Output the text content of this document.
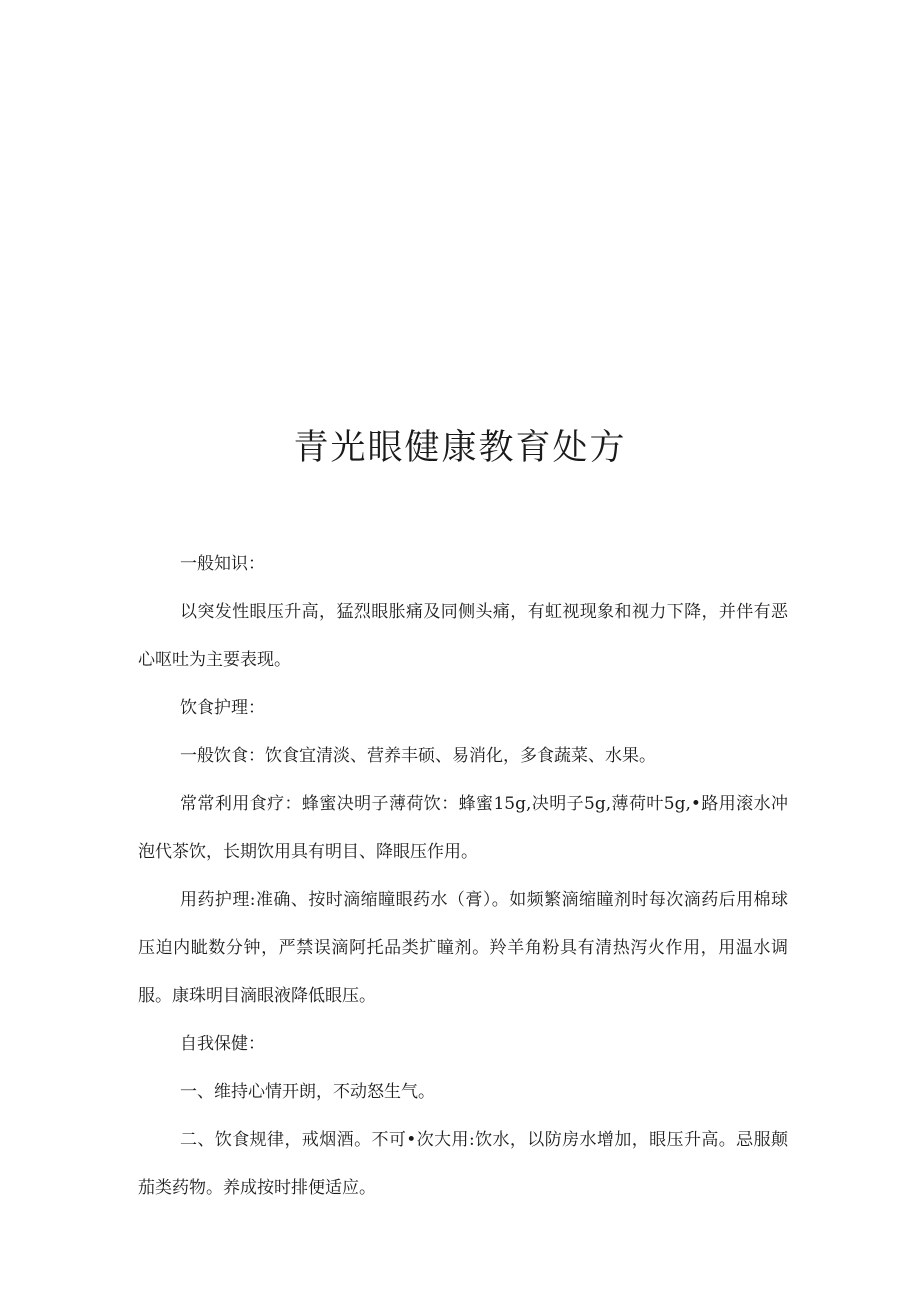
青光眼健康教育处方

一般知识：

以突发性眼压升高，猛烈眼胀痛及同侧头痛，有虹视现象和视力下降，并伴有恶心呕吐为主要表现。

饮食护理：

一般饮食：饮食宜清淡、营养丰硕、易消化，多食蔬菜、水果。

常常利用食疗：蜂蜜决明子薄荷饮：蜂蜜15g,决明子5g,薄荷叶5g,•路用滚水冲泡代茶饮，长期饮用具有明目、降眼压作用。

用药护理:准确、按时滴缩瞳眼药水（膏）。如频繁滴缩瞳剂时每次滴药后用棉球压迫内眦数分钟，严禁误滴阿托品类扩瞳剂。羚羊角粉具有清热泻火作用，用温水调服。康珠明目滴眼液降低眼压。

自我保健：

一、维持心情开朗，不动怒生气。

二、饮食规律，戒烟酒。不可•次大用:饮水，以防房水增加，眼压升高。忌服颠茄类药物。养成按时排便适应。
